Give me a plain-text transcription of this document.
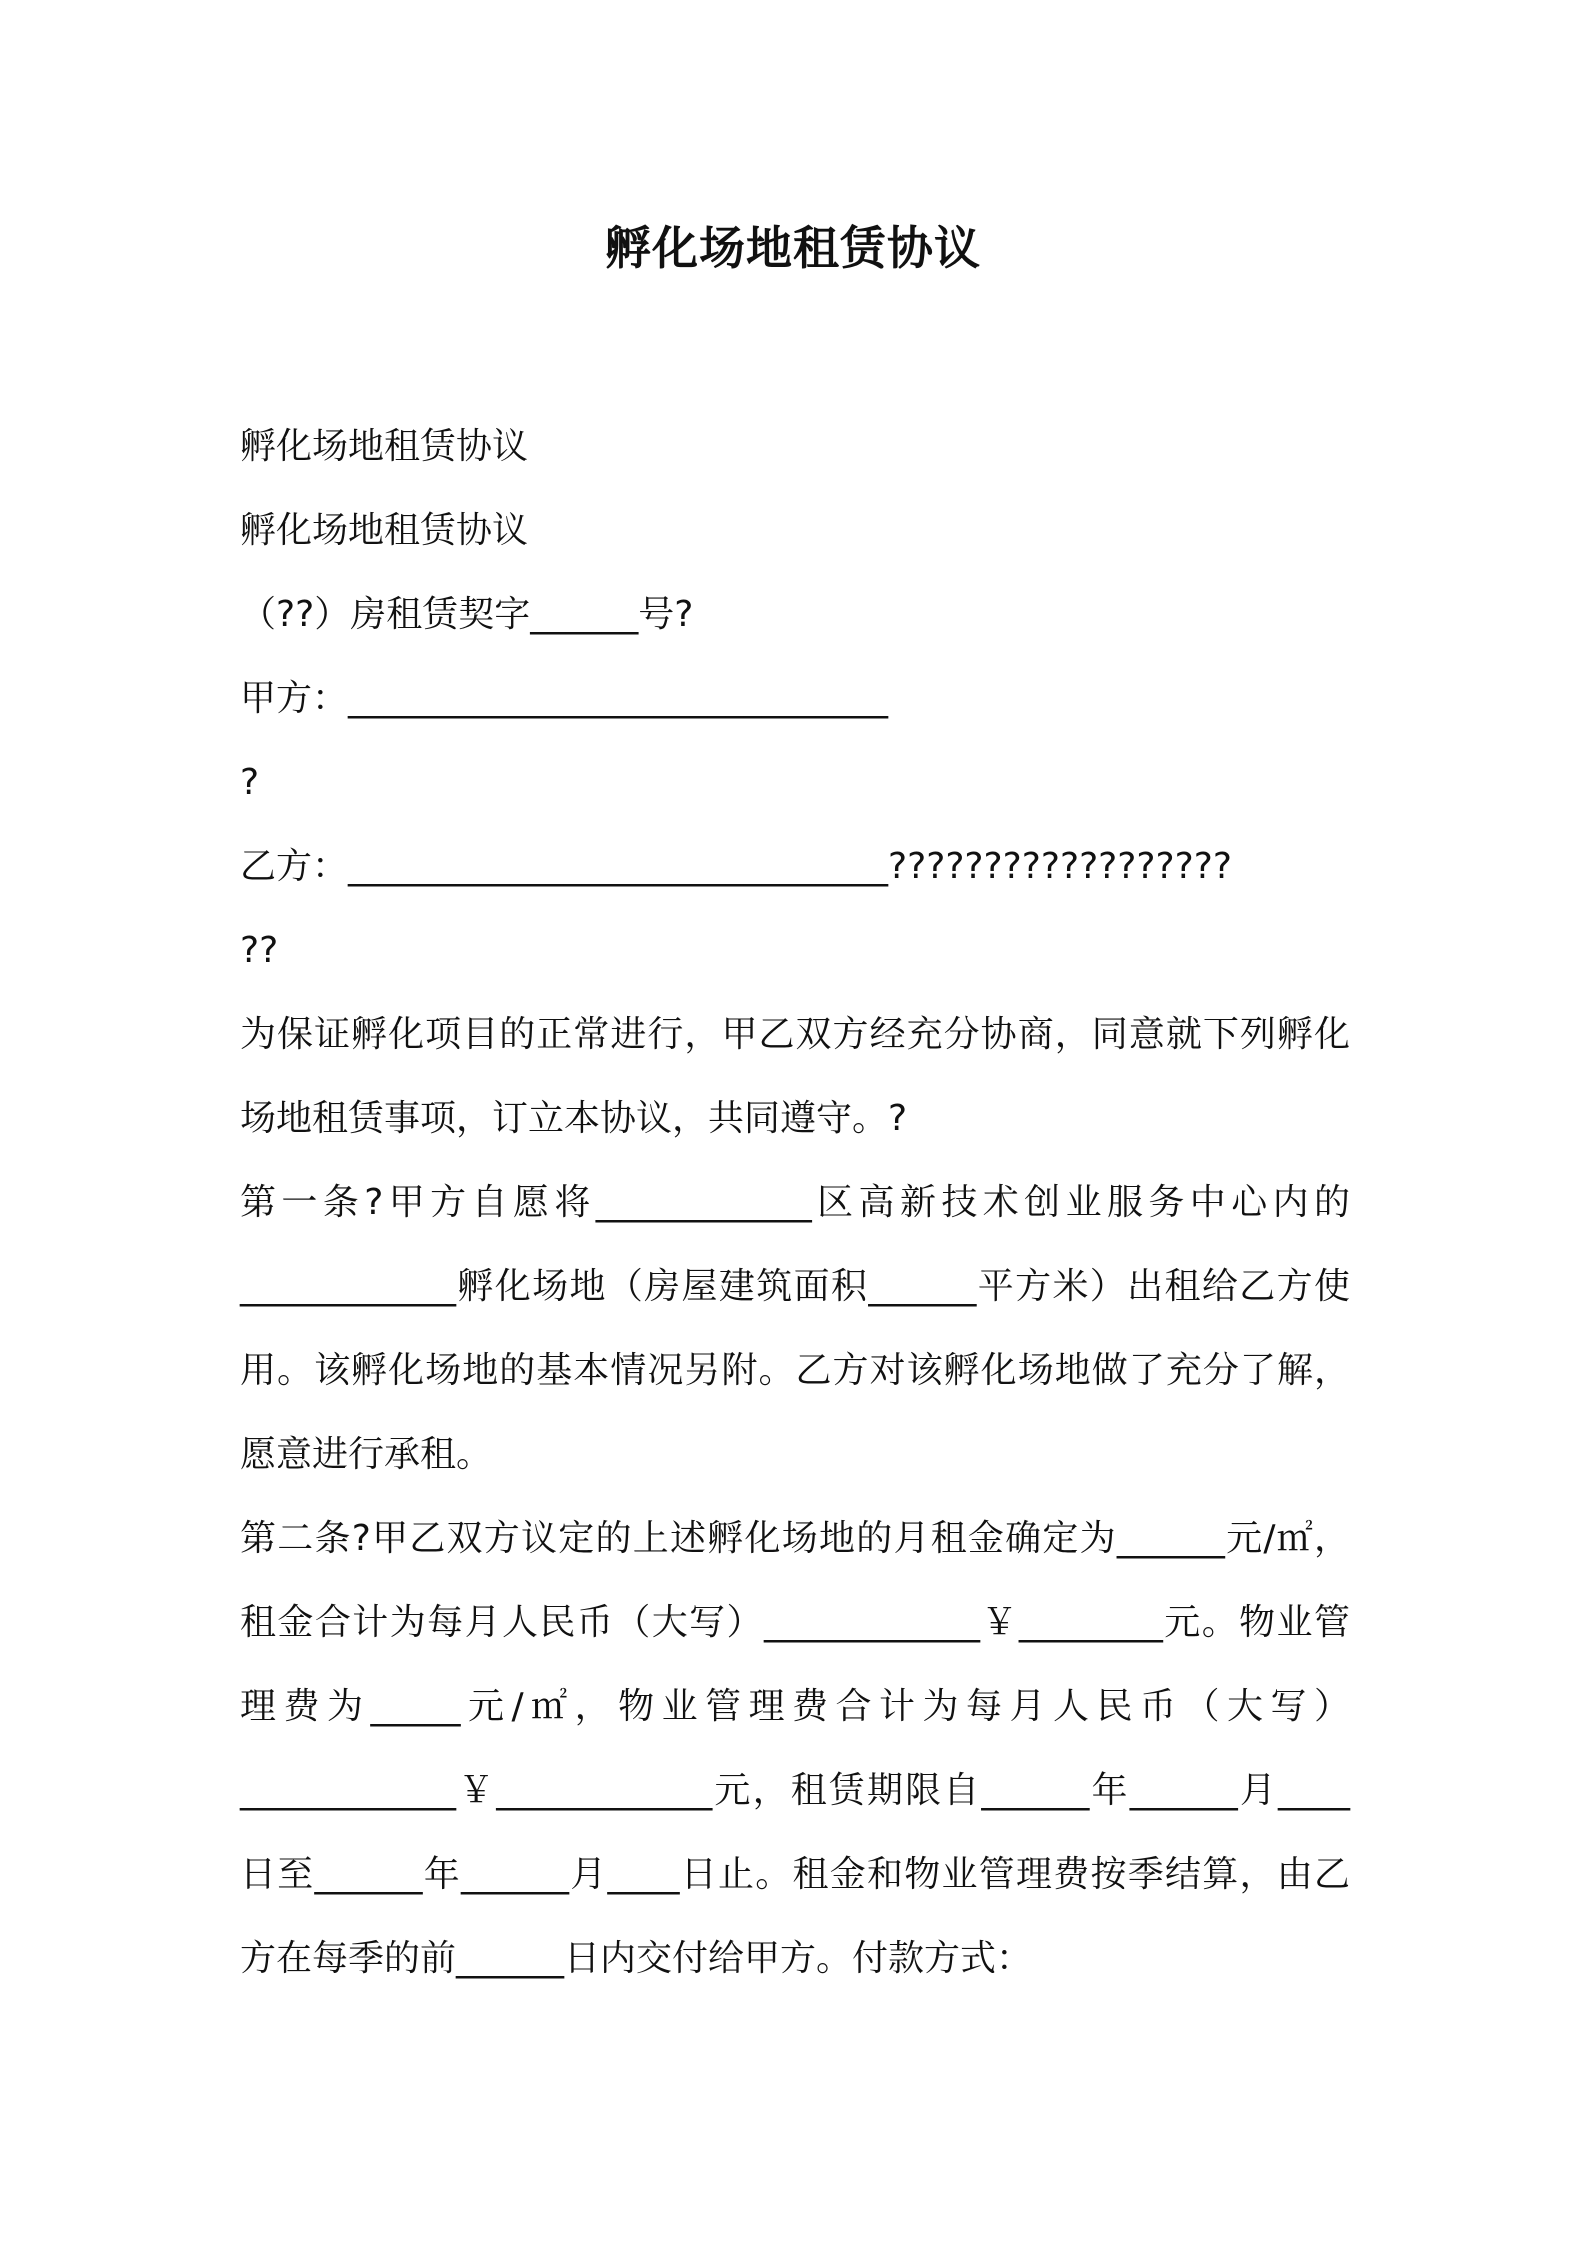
孵化场地租赁协议

孵化场地租赁协议

孵化场地租赁协议

（??）房租赁契字______号?

甲方：______________________________

?

乙方：______________________________??????????????????

??

为保证孵化项目的正常进行，甲乙双方经充分协商，同意就下列孵化场地租赁事项，订立本协议，共同遵守。?

第一条?甲方自愿将____________区高新技术创业服务中心内的____________孵化场地（房屋建筑面积______平方米）出租给乙方使用。该孵化场地的基本情况另附。乙方对该孵化场地做了充分了解，愿意进行承租。

第二条?甲乙双方议定的上述孵化场地的月租金确定为______元/㎡，租金合计为每月人民币（大写）____________￥________元。物业管理费为_____元/㎡，物业管理费合计为每月人民币（大写）____________￥____________元，租赁期限自______年______月____日至______年______月____日止。租金和物业管理费按季结算，由乙方在每季的前______日内交付给甲方。付款方式：
